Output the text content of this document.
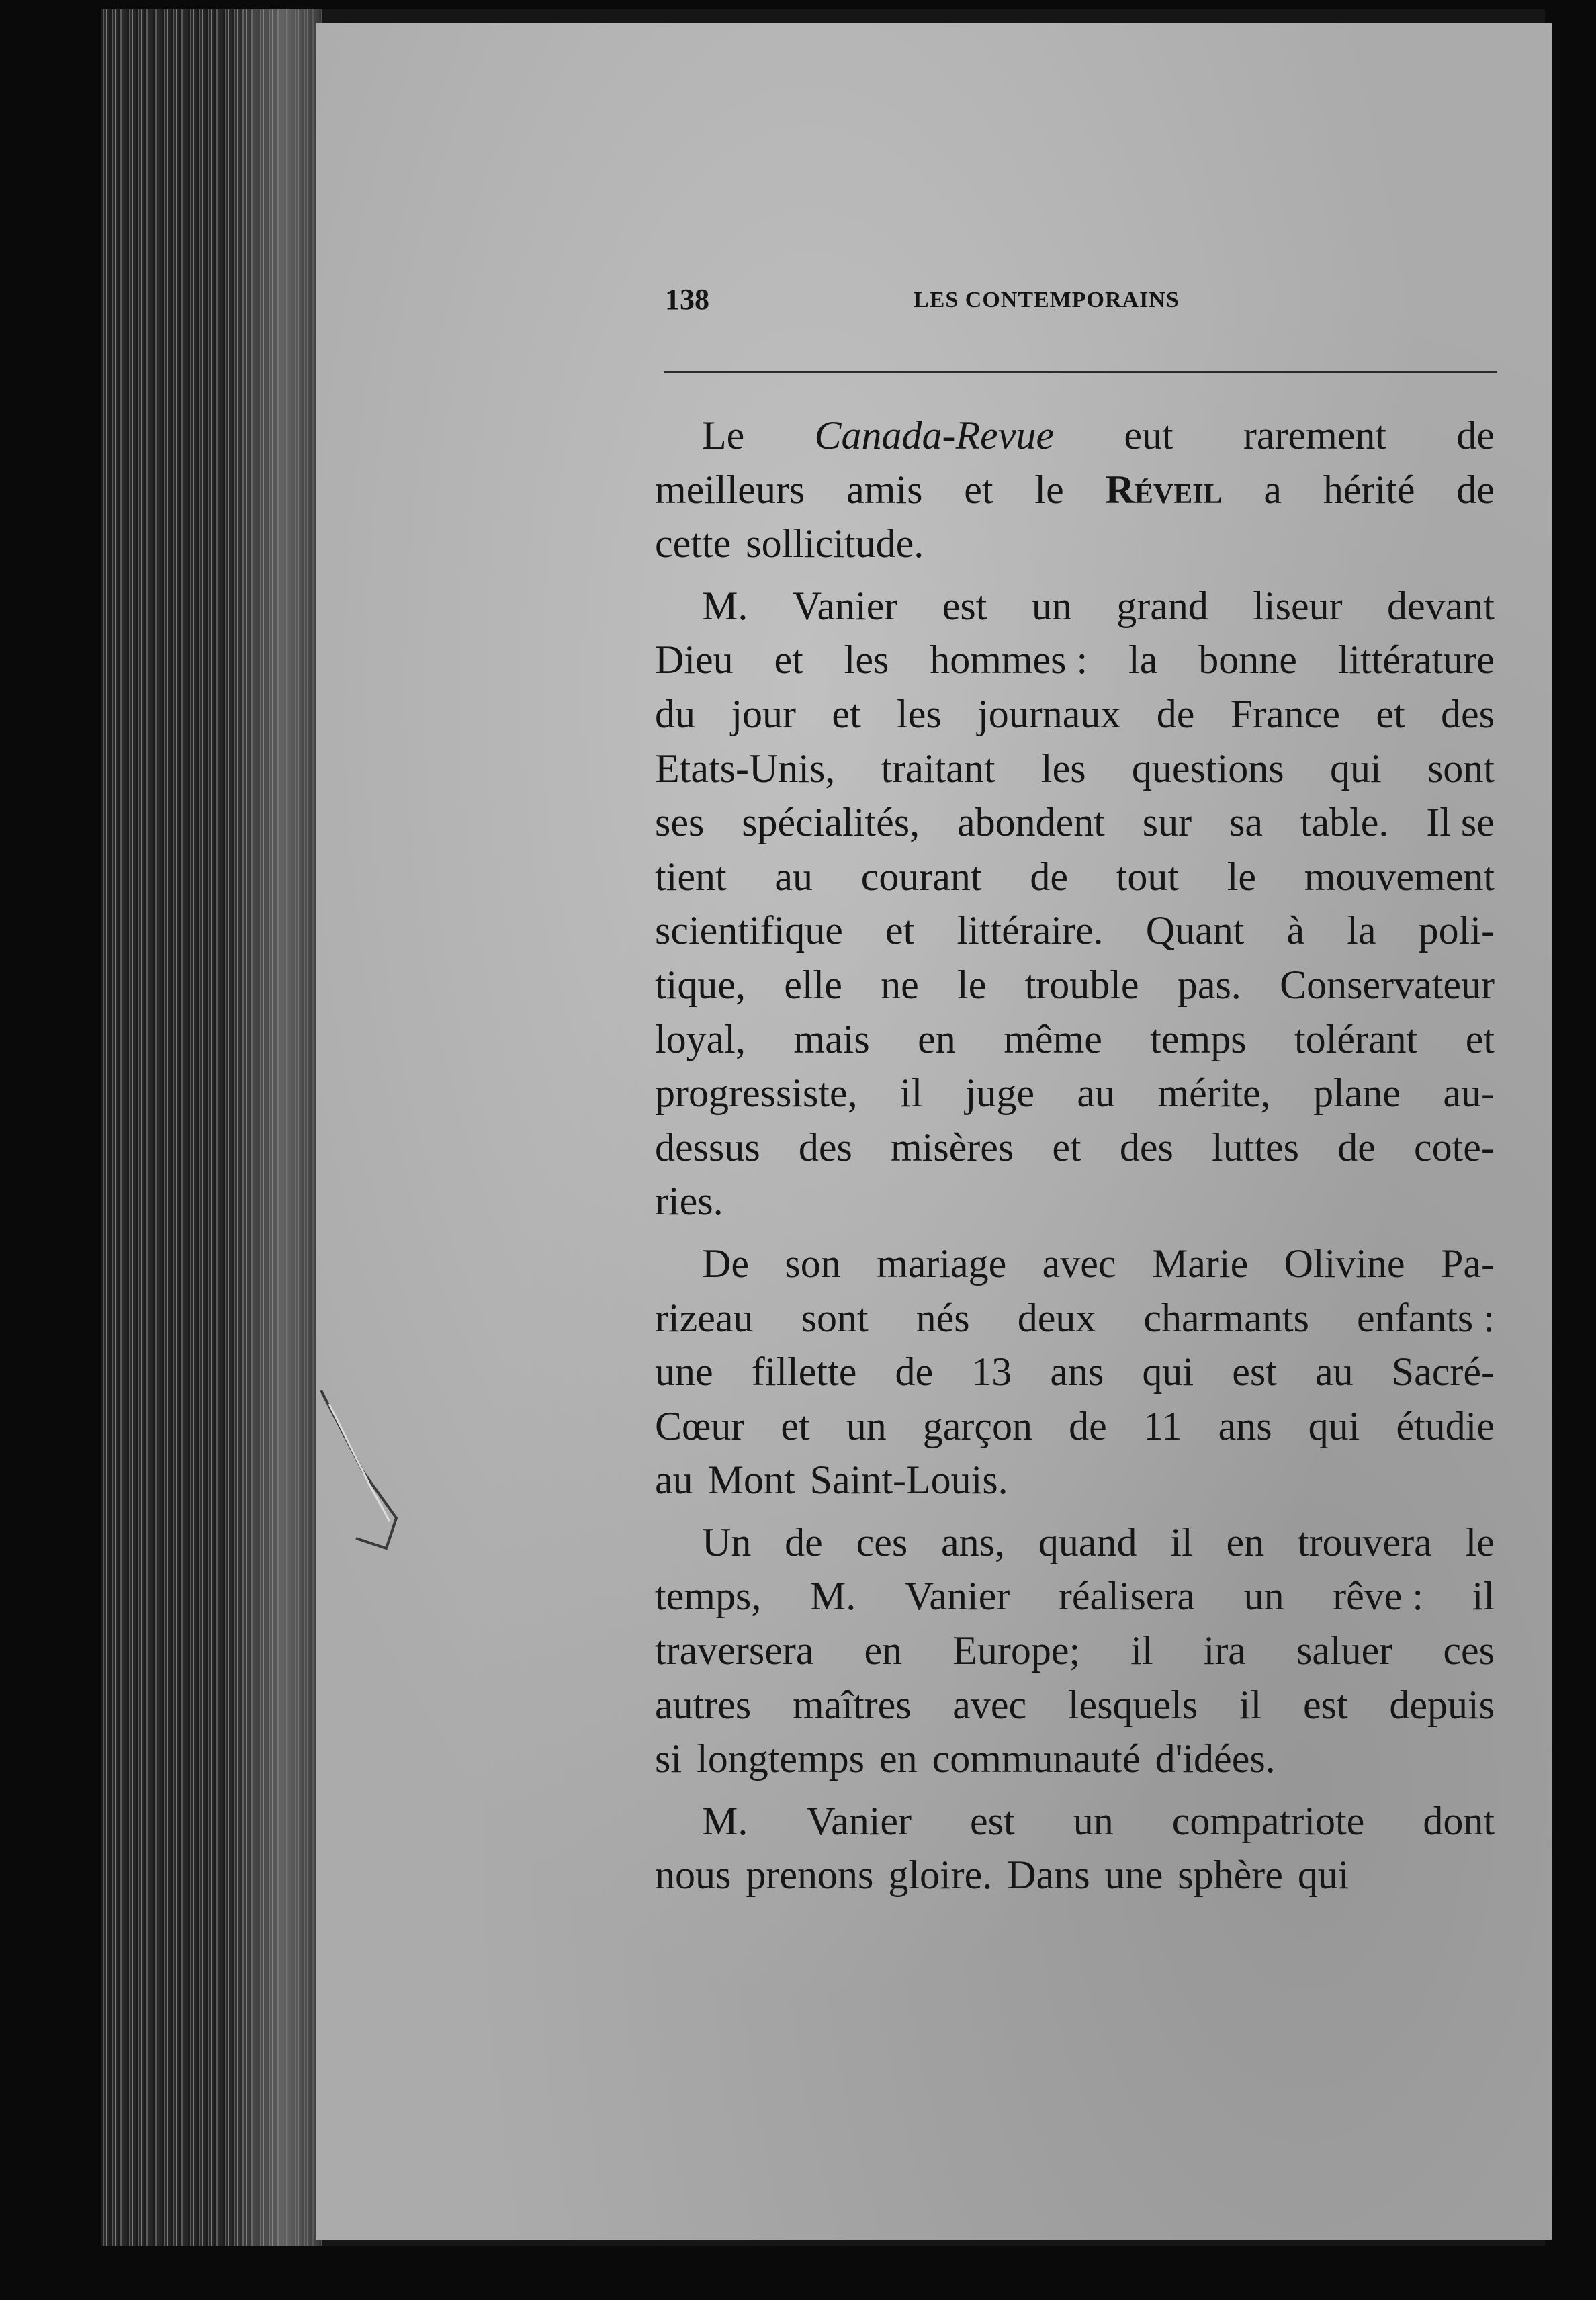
138	LES CONTEMPORAINS
Le Canada-Revue eut rarement de
meilleurs amis et le Réveil a hérité de
cette sollicitude.
M. Vanier est un grand liseur devant
Dieu et les hommes : la bonne littérature
du jour et les journaux de France et des
Etats-Unis, traitant les questions qui sont
ses spécialités, abondent sur sa table. Il se
tient au courant de tout le mouvement
scientifique et littéraire. Quant à la poli-
tique, elle ne le trouble pas. Conservateur
loyal, mais en même temps tolérant et
progressiste, il juge au mérite, plane au-
dessus des misères et des luttes de cote-
ries.
De son mariage avec Marie Olivine Pa-
rizeau sont nés deux charmants enfants :
une fillette de 13 ans qui est au Sacré-
Cœur et un garçon de 11 ans qui étudie
au Mont Saint-Louis.
Un de ces ans, quand il en trouvera le
temps, M. Vanier réalisera un rêve : il
traversera en Europe; il ira saluer ces
autres maîtres avec lesquels il est depuis
si longtemps en communauté d'idées.
M. Vanier est un compatriote dont
nous prenons gloire. Dans une sphère qui
